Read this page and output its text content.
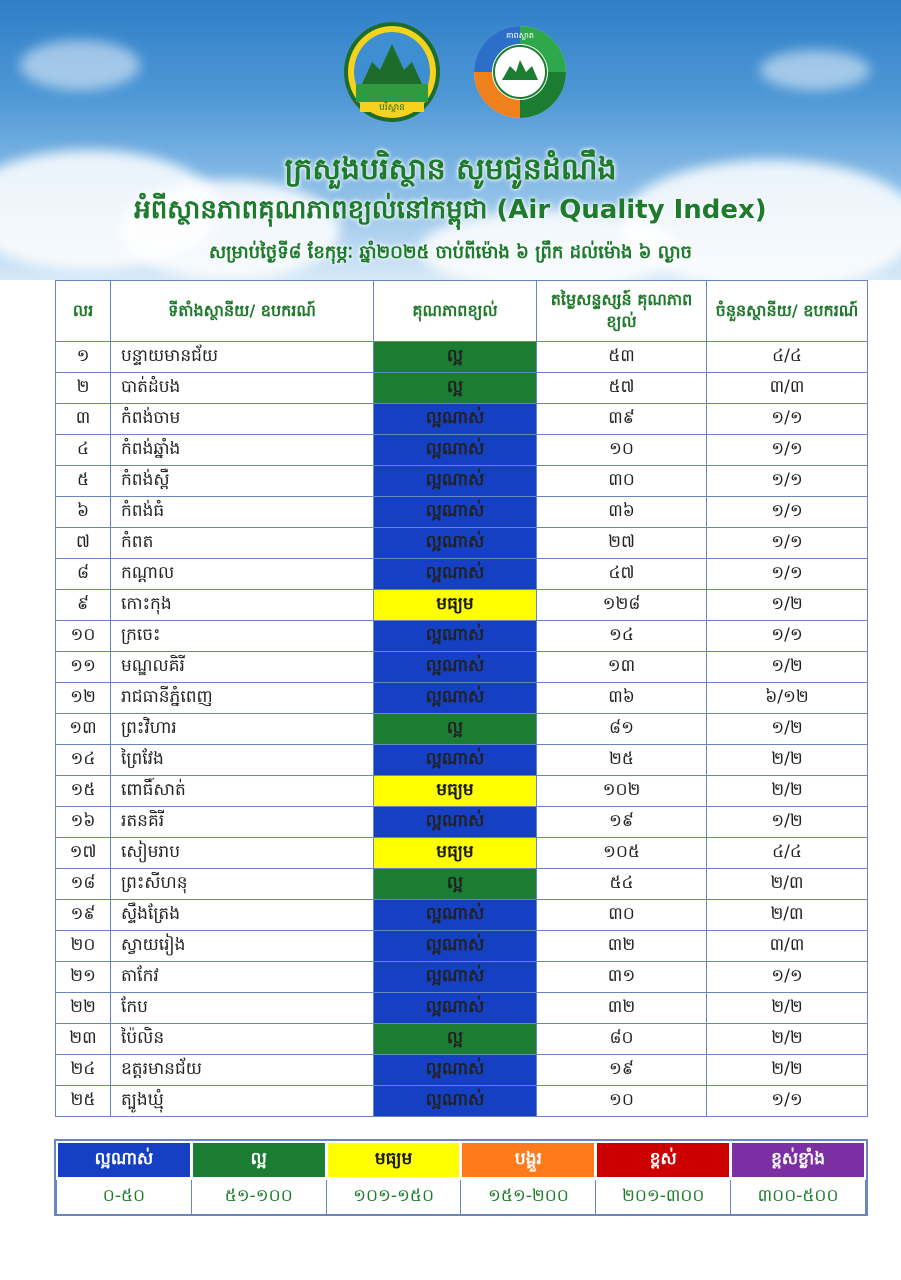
បរិស្ថាន
គាពស្លាត
ក្រសួងបរិស្ថាន សូមជូនដំណឹង
អំពីស្ថានភាពគុណភាពខ្យល់នៅកម្ពុជា (Air Quality Index)
សម្រាប់ថ្ងៃទី៨ ខែកុម្ភៈ ឆ្នាំ២០២៥ ចាប់ពីម៉ោង ៦ ព្រឹក ដល់ម៉ោង ៦ ល្ងាច
លរ	ទីតាំងស្ថានីយ/ ឧបករណ៍	គុណភាពខ្យល់	តម្លៃសន្ទស្សន៍ គុណភាពខ្យល់	ចំនួនស្ថានីយ/ ឧបករណ៍
១	បន្ទាយមានជ័យ	ល្អ	៥៣	៤/៤
២	បាត់ដំបង	ល្អ	៥៧	៣/៣
៣	កំពង់ចាម	ល្អណាស់	៣៩	១/១
៤	កំពង់ឆ្នាំង	ល្អណាស់	១០	១/១
៥	កំពង់ស្ពឺ	ល្អណាស់	៣០	១/១
៦	កំពង់ធំ	ល្អណាស់	៣៦	១/១
៧	កំពត	ល្អណាស់	២៧	១/១
៨	កណ្តាល	ល្អណាស់	៤៧	១/១
៩	កោះកុង	មធ្យម	១២៨	១/២
១០	ក្រចេះ	ល្អណាស់	១៤	១/១
១១	មណ្ឌលគិរី	ល្អណាស់	១៣	១/២
១២	រាជធានីភ្នំពេញ	ល្អណាស់	៣៦	៦/១២
១៣	ព្រះវិហារ	ល្អ	៨១	១/២
១៤	ព្រៃវែង	ល្អណាស់	២៥	២/២
១៥	ពោធិ៍សាត់	មធ្យម	១០២	២/២
១៦	រតនគិរី	ល្អណាស់	១៩	១/២
១៧	សៀមរាប	មធ្យម	១០៥	៤/៤
១៨	ព្រះសីហនុ	ល្អ	៥៤	២/៣
១៩	ស្ទឹងត្រែង	ល្អណាស់	៣០	២/៣
២០	ស្វាយរៀង	ល្អណាស់	៣២	៣/៣
២១	តាកែវ	ល្អណាស់	៣១	១/១
២២	កែប	ល្អណាស់	៣២	២/២
២៣	ប៉ៃលិន	ល្អ	៨០	២/២
២៤	ឧត្តរមានជ័យ	ល្អណាស់	១៩	២/២
២៥	ត្បូងឃ្មុំ	ល្អណាស់	១០	១/១
ល្អណាស់	ល្អ	មធ្យម	បង្គួរ	ខ្ពស់	ខ្ពស់ខ្លាំង
០-៥០	៥១-១០០	១០១-១៥០	១៥១-២០០	២០១-៣០០	៣០០-៥០០
